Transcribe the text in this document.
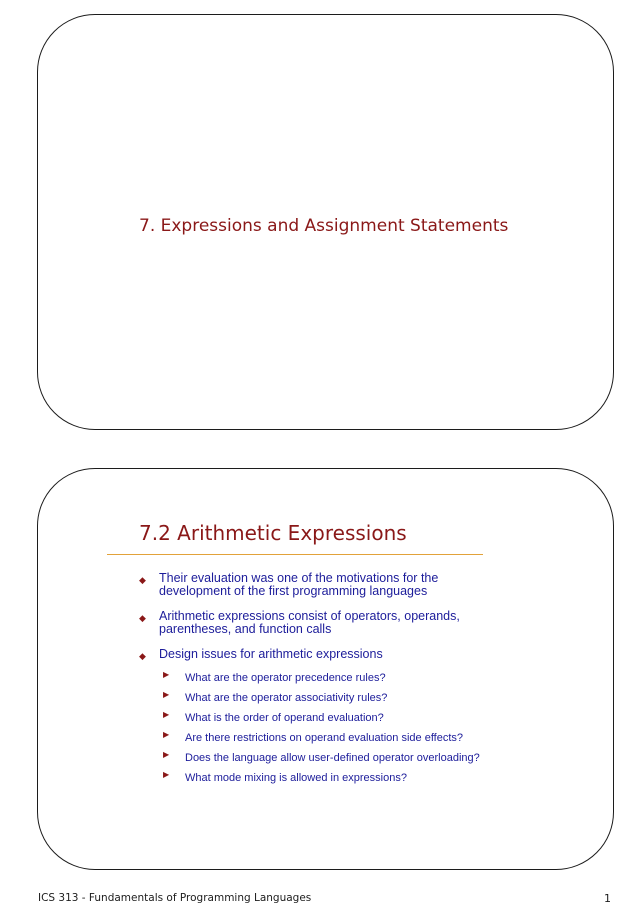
7. Expressions and Assignment Statements
7.2 Arithmetic Expressions
◆ Their evaluation was one of the motivations for the development of the first programming languages
◆ Arithmetic expressions consist of operators, operands, parentheses, and function calls
◆ Design issues for arithmetic expressions
▶ What are the operator precedence rules?
▶ What are the operator associativity rules?
▶ What is the order of operand evaluation?
▶ Are there restrictions on operand evaluation side effects?
▶ Does the language allow user-defined operator overloading?
▶ What mode mixing is allowed in expressions?
ICS 313 - Fundamentals of Programming Languages	1
